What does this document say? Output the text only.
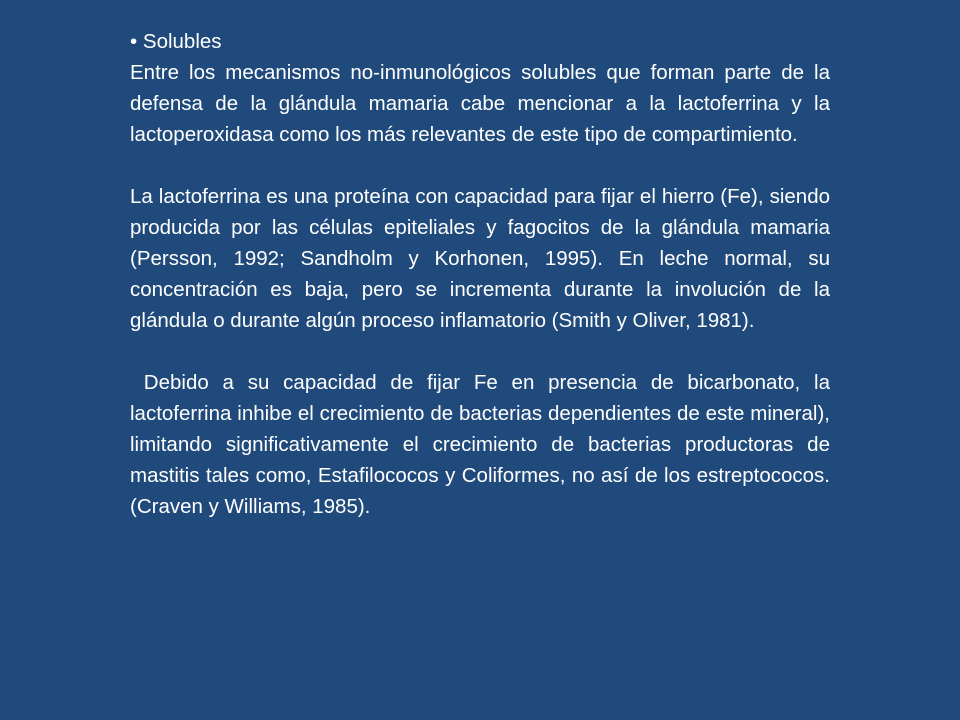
• Solubles

Entre los mecanismos no-inmunológicos solubles que forman parte de la defensa de la glándula mamaria cabe mencionar a la lactoferrina y la lactoperoxidasa como los más relevantes de este tipo de compartimiento.

La lactoferrina es una proteína con capacidad para fijar el hierro (Fe), siendo producida por las células epiteliales y fagocitos de la glándula mamaria (Persson, 1992; Sandholm y Korhonen, 1995). En leche normal, su concentración es baja, pero se incrementa durante la involución de la glándula o durante algún proceso inflamatorio (Smith y Oliver, 1981).

Debido a su capacidad de fijar Fe en presencia de bicarbonato, la lactoferrina inhibe el crecimiento de bacterias dependientes de este mineral), limitando significativamente el crecimiento de bacterias productoras de mastitis tales como, Estafilococos y Coliformes, no así de los estreptococos. (Craven y Williams, 1985).
